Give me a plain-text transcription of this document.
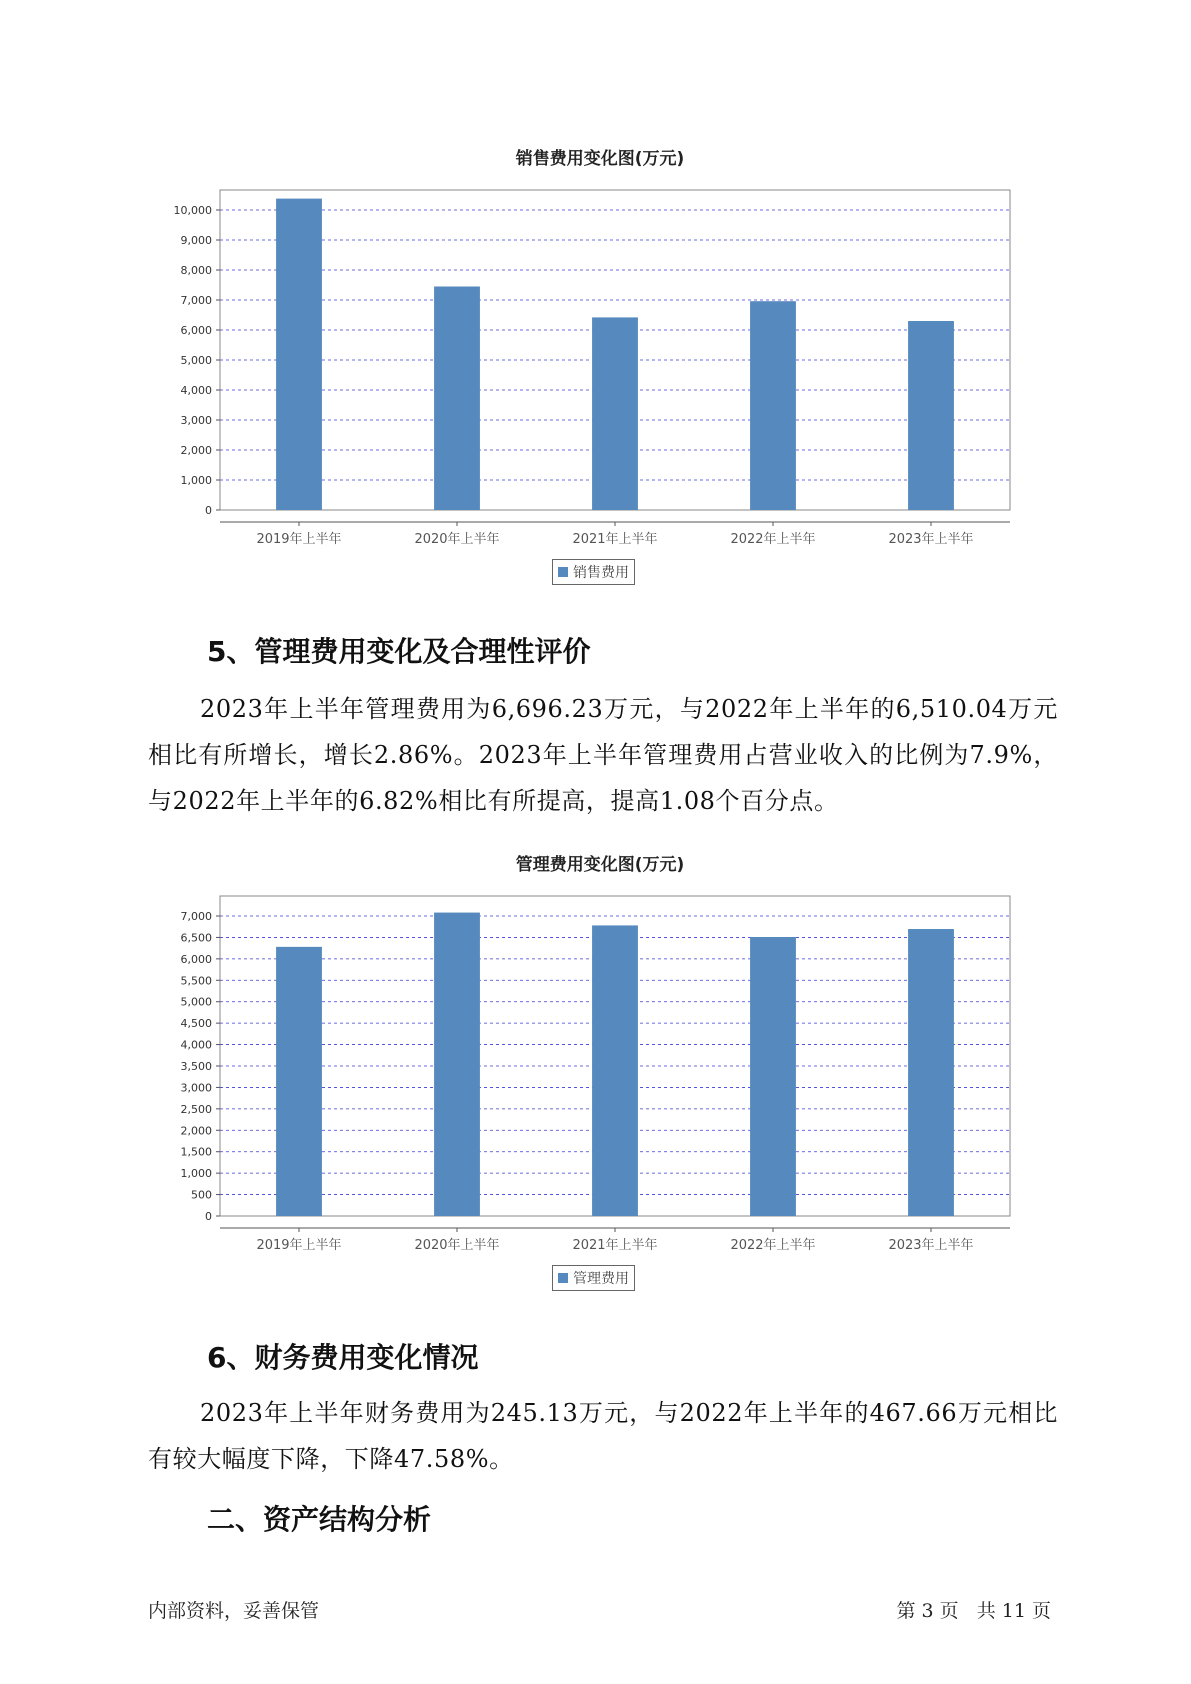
销售费用变化图(万元)
0
1,000
2,000
3,000
4,000
5,000
6,000
7,000
8,000
9,000
10,000
2019年上半年	2020年上半年	2021年上半年	2022年上半年	2023年上半年
销售费用
5、管理费用变化及合理性评价

2023年上半年管理费用为6,696.23万元，与2022年上半年的6,510.04万元相比有所增长，增长2.86%。2023年上半年管理费用占营业收入的比例为7.9%，与2022年上半年的6.82%相比有所提高，提高1.08个百分点。

管理费用变化图(万元)
0
500
1,000
1,500
2,000
2,500
3,000
3,500
4,000
4,500
5,000
5,500
6,000
6,500
7,000
2019年上半年	2020年上半年	2021年上半年	2022年上半年	2023年上半年
管理费用
6、财务费用变化情况

2023年上半年财务费用为245.13万元，与2022年上半年的467.66万元相比有较大幅度下降，下降47.58%。

二、资产结构分析
内部资料，妥善保管	第 3 页   共 11 页
